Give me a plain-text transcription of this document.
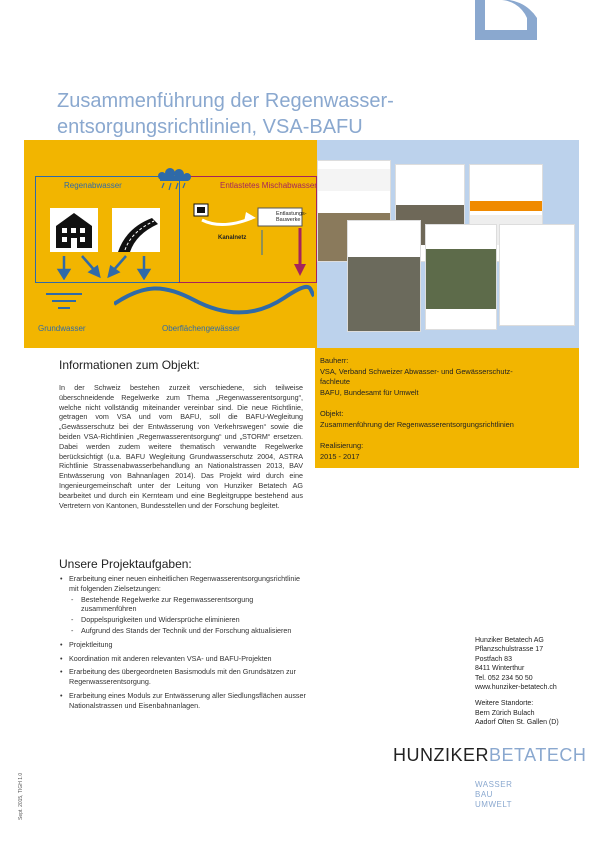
Zusammenführung der Regenwasser-
entsorgungsrichtlinien, VSA-BAFU
Regenabwasser	Entlastetes Mischabwasser
Entlastungs-
Bauwerke
Kanalnetz
Grundwasser	Oberflächengewässer
Informationen zum Objekt:

In der Schweiz bestehen zurzeit verschiedene, sich teilweise überschneidende Regelwerke zum Thema „Regenwasserentsorgung“, welche nicht vollständig miteinander vereinbar sind. Die neue Richtlinie, getragen vom VSA und vom BAFU, soll die BAFU-Wegleitung „Gewässerschutz bei der Entwässerung von Verkehrswegen“ sowie die beiden VSA-Richtlinien „Regenwasserentsorgung“ und „STORM“ ersetzen. Dabei werden zudem weitere thematisch verwandte Regelwerke berücksichtigt (u.a. BAFU Wegleitung Grundwasserschutz 2004, ASTRA Richtlinie Strassenabwasserbehandlung an Nationalstrassen 2013, BAV Entwässerung von Bahnanlagen 2014). Das Projekt wird durch eine Ingenieurgemeinschaft unter der Leitung von Hunziker Betatech AG bearbeitet und durch ein Kernteam und eine Begleitgruppe bestehend aus Vertretern von Kantonen, Bundesstellen und der Forschung begleitet.

Bauherr:
VSA, Verband Schweizer Abwasser- und Gewässerschutz-
fachleute
BAFU, Bundesamt für Umwelt
Objekt:
Zusammenführung der Regenwasserentsorgungsrichtlinien
Realisierung:
2015 - 2017
Unsere Projektaufgaben:
• Erarbeitung einer neuen einheitlichen Regenwasserentsorgungsrichtlinie mit folgenden Zielsetzungen:
- Bestehende Regelwerke zur Regenwasserentsorgung zusammenführen
- Doppelspurigkeiten und Widersprüche eliminieren
- Aufgrund des Stands der Technik und der Forschung aktualisieren
• Projektleitung
• Koordination mit anderen relevanten VSA- und BAFU-Projekten
• Erarbeitung des übergeordneten Basismoduls mit den Grundsätzen zur Regenwasserentsorgung.
• Erarbeitung eines Moduls zur Entwässerung aller Siedlungsflächen ausser Nationalstrassen und Eisenbahnanlagen.
Hunziker Betatech AG
Pflanzschulstrasse 17
Postfach 83
8411 Winterthur
Tel. 052 234 50 50
www.hunziker-betatech.ch
Weitere Standorte:
Bern Zürich Bulach
Aadorf Olten St. Gallen (D)
HUNZIKERBETATECH
WASSER
BAU
UMWELT
Sept. 2015, TIGH 1.0
